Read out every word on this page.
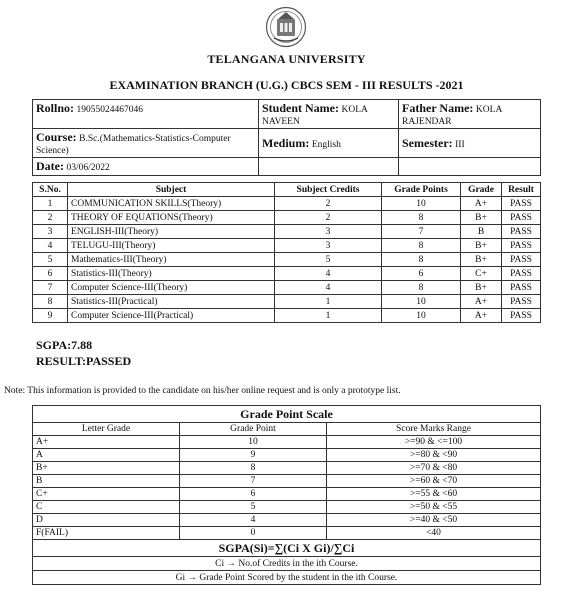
TELANGANA UNIVERSITY
EXAMINATION BRANCH (U.G.) CBCS SEM - III RESULTS -2021
Rollno: 19055024467046	Student Name: KOLA NAVEEN	Father Name: KOLA RAJENDAR
Course: B.Sc.(Mathematics-Statistics-Computer Science)	Medium: English	Semester: III
Date: 03/06/2022		
S.No.	Subject	Subject Credits	Grade Points	Grade	Result
1	COMMUNICATION SKILLS(Theory)	2	10	A+	PASS
2	THEORY OF EQUATIONS(Theory)	2	8	B+	PASS
3	ENGLISH-III(Theory)	3	7	B	PASS
4	TELUGU-III(Theory)	3	8	B+	PASS
5	Mathematics-III(Theory)	5	8	B+	PASS
6	Statistics-III(Theory)	4	6	C+	PASS
7	Computer Science-III(Theory)	4	8	B+	PASS
8	Statistics-III(Practical)	1	10	A+	PASS
9	Computer Science-III(Practical)	1	10	A+	PASS
SGPA:7.88
RESULT:PASSED
Note: This information is provided to the candidate on his/her online request and is only a prototype list.
Grade Point Scale		
Letter Grade	Grade Point	Score Marks Range
A+	10	>=90 & <=100
A	9	>=80 & <90
B+	8	>=70 & <80
B	7	>=60 & <70
C+	6	>=55 & <60
C	5	>=50 & <55
D	4	>=40 & <50
F(FAIL)	0	<40
SGPA(Si)=∑(Ci X Gi)/∑Ci		
Ci → No.of Credits in the ith Course.		
Gi → Grade Point Scored by the student in the ith Course.		
